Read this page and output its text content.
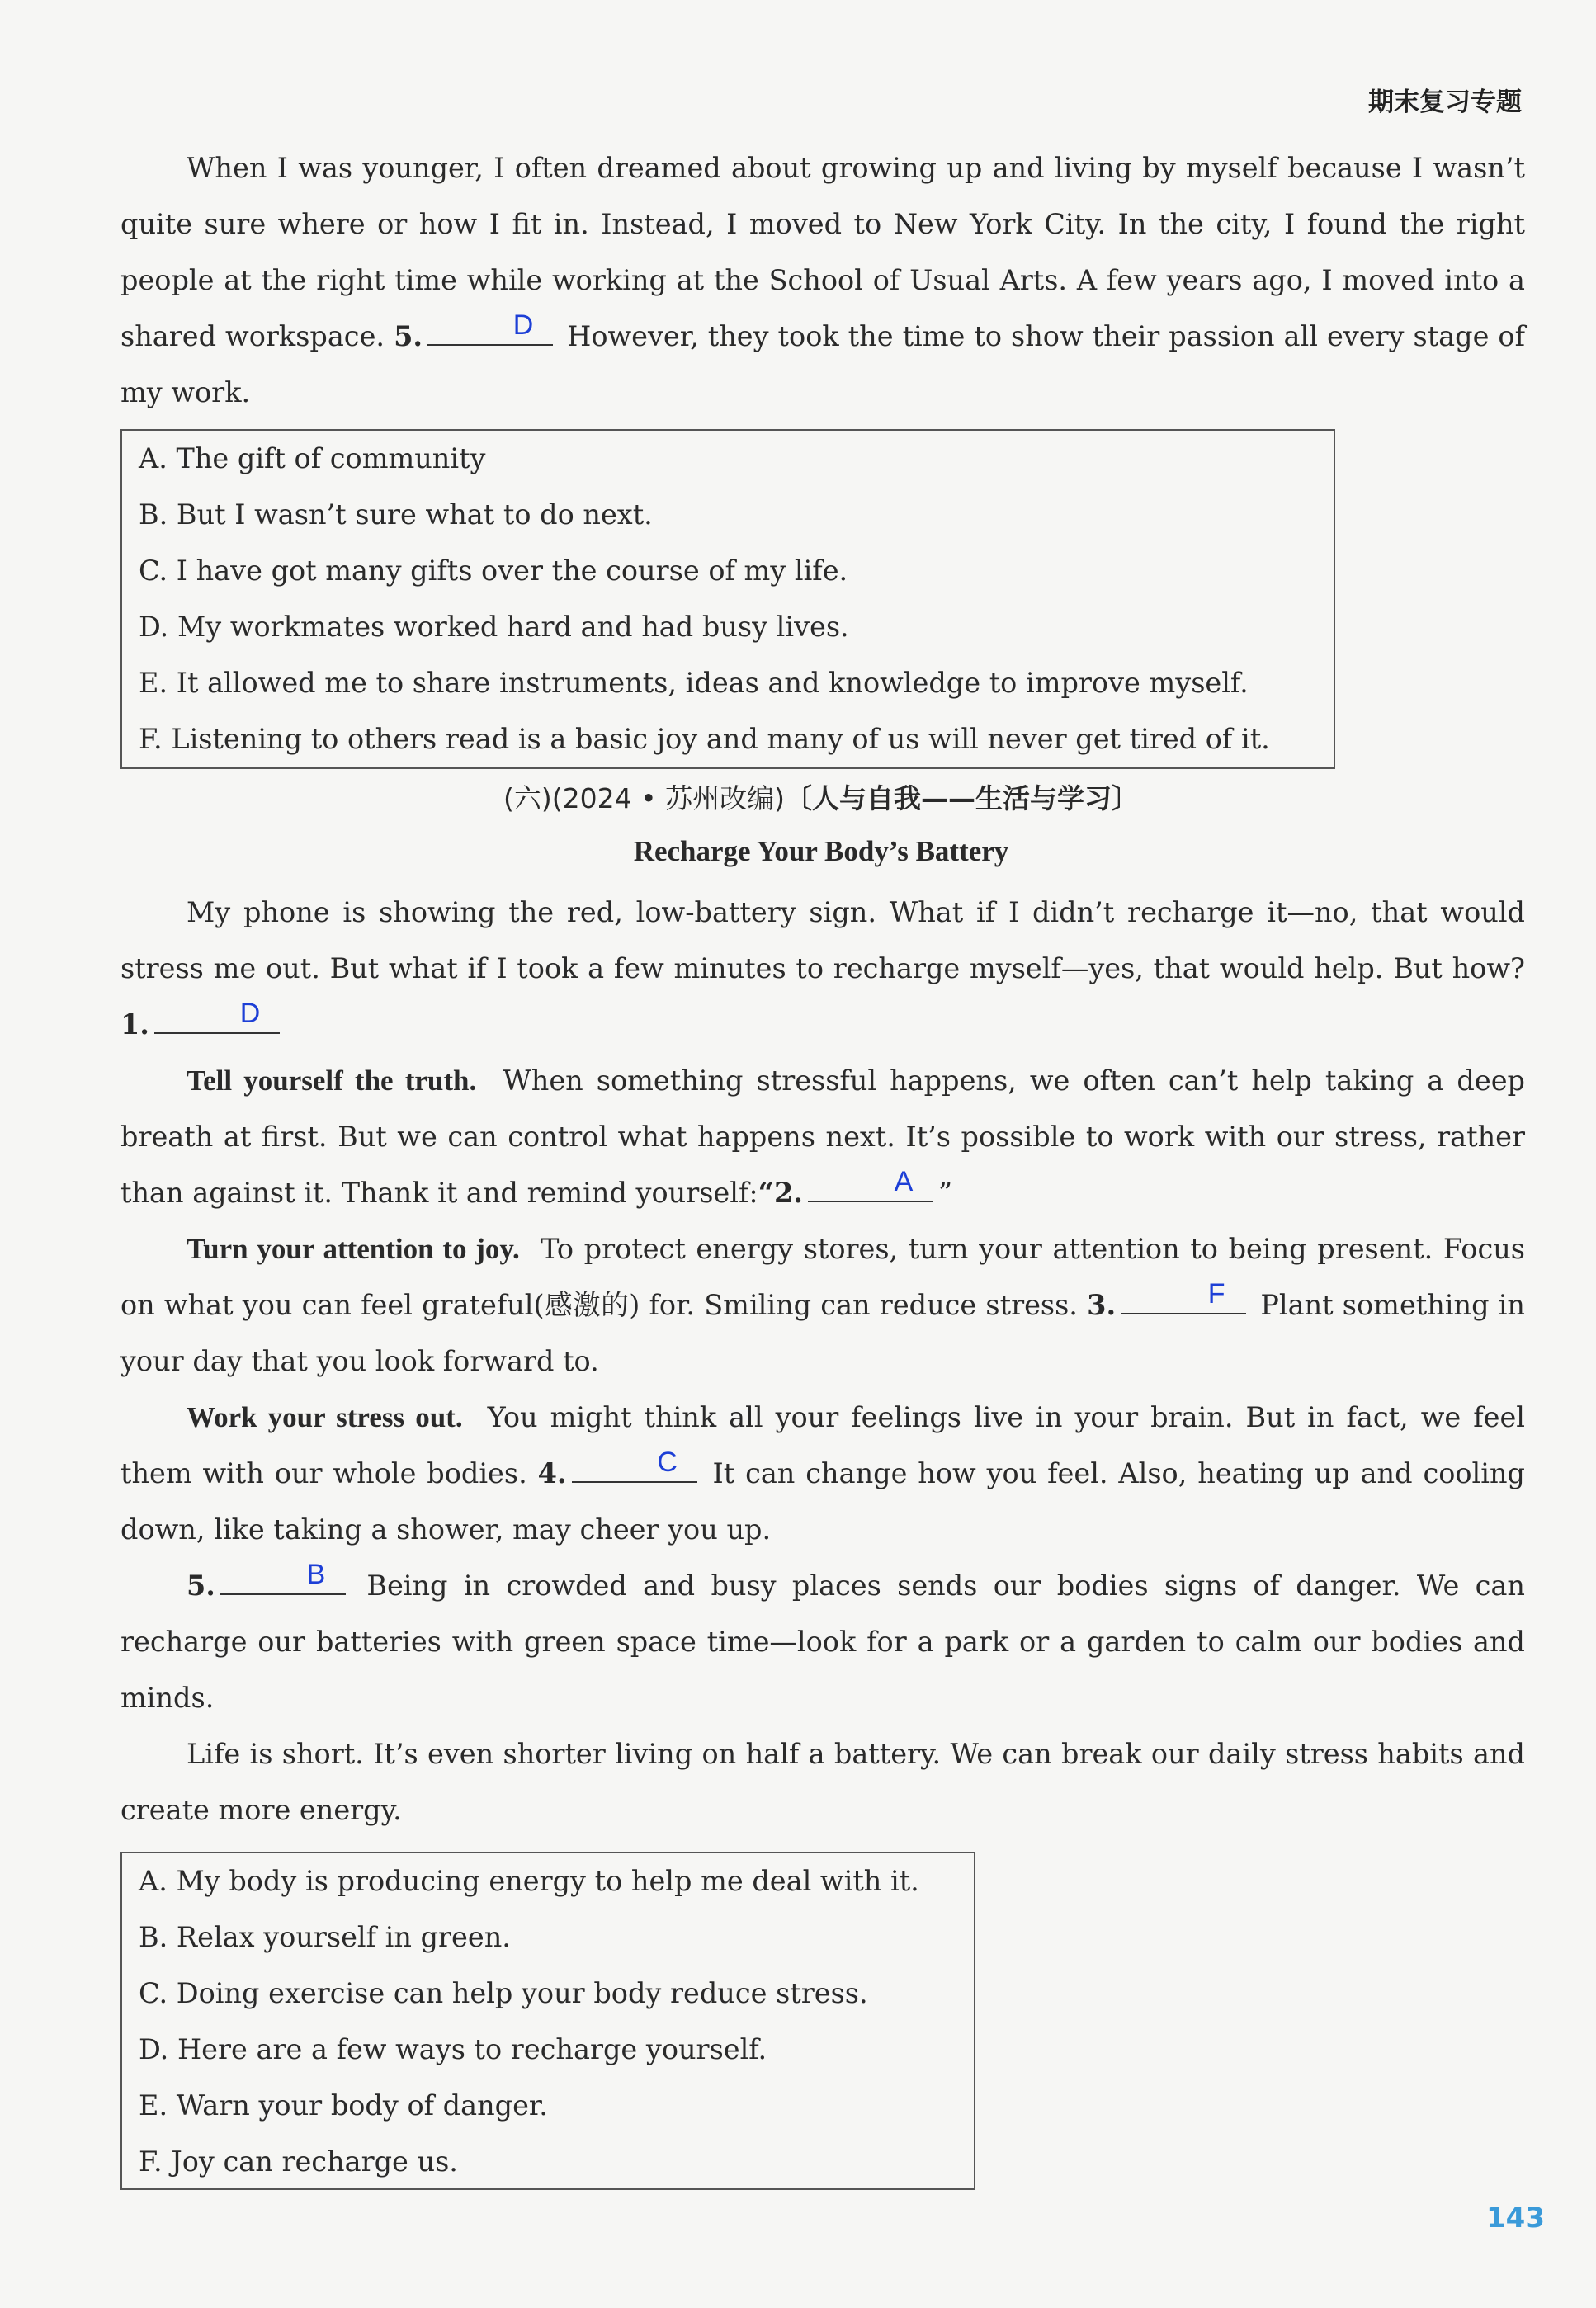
期末复习专题

When I was younger, I often dreamed about growing up and living by myself because I wasn’t quite sure where or how I fit in. Instead, I moved to New York City. In the city, I found the right people at the right time while working at the School of Usual Arts. A few years ago, I moved into a shared workspace. 5.	D	However, they took the time to show their passion all every stage of my work.

A. The gift of community
B. But I wasn’t sure what to do next.
C. I have got many gifts over the course of my life.
D. My workmates worked hard and had busy lives.
E. It allowed me to share instruments, ideas and knowledge to improve myself.
F. Listening to others read is a basic joy and many of us will never get tired of it.
(六)(2024 • 苏州改编)〔人与自我——生活与学习〕
Recharge Your Body’s Battery

My phone is showing the red, low-battery sign. What if I didn’t recharge it—no, that would stress me out. But what if I took a few minutes to recharge myself—yes, that would help. But how? 1.	D

Tell yourself the truth. When something stressful happens, we often can’t help taking a deep breath at first. But we can control what happens next. It’s possible to work with our stress, rather than against it. Thank it and remind yourself:“2.	A ”

Turn your attention to joy. To protect energy stores, turn your attention to being present. Focus on what you can feel grateful(感激的) for. Smiling can reduce stress. 3.	F	Plant something in your day that you look forward to.

Work your stress out. You might think all your feelings live in your brain. But in fact, we feel them with our whole bodies. 4.	C	It can change how you feel. Also, heating up and cooling down, like taking a shower, may cheer you up.

5.	B	Being in crowded and busy places sends our bodies signs of danger. We can recharge our batteries with green space time—look for a park or a garden to calm our bodies and minds.

Life is short. It’s even shorter living on half a battery. We can break our daily stress habits and create more energy.

A. My body is producing energy to help me deal with it.
B. Relax yourself in green.
C. Doing exercise can help your body reduce stress.
D. Here are a few ways to recharge yourself.
E. Warn your body of danger.
F. Joy can recharge us.
143
